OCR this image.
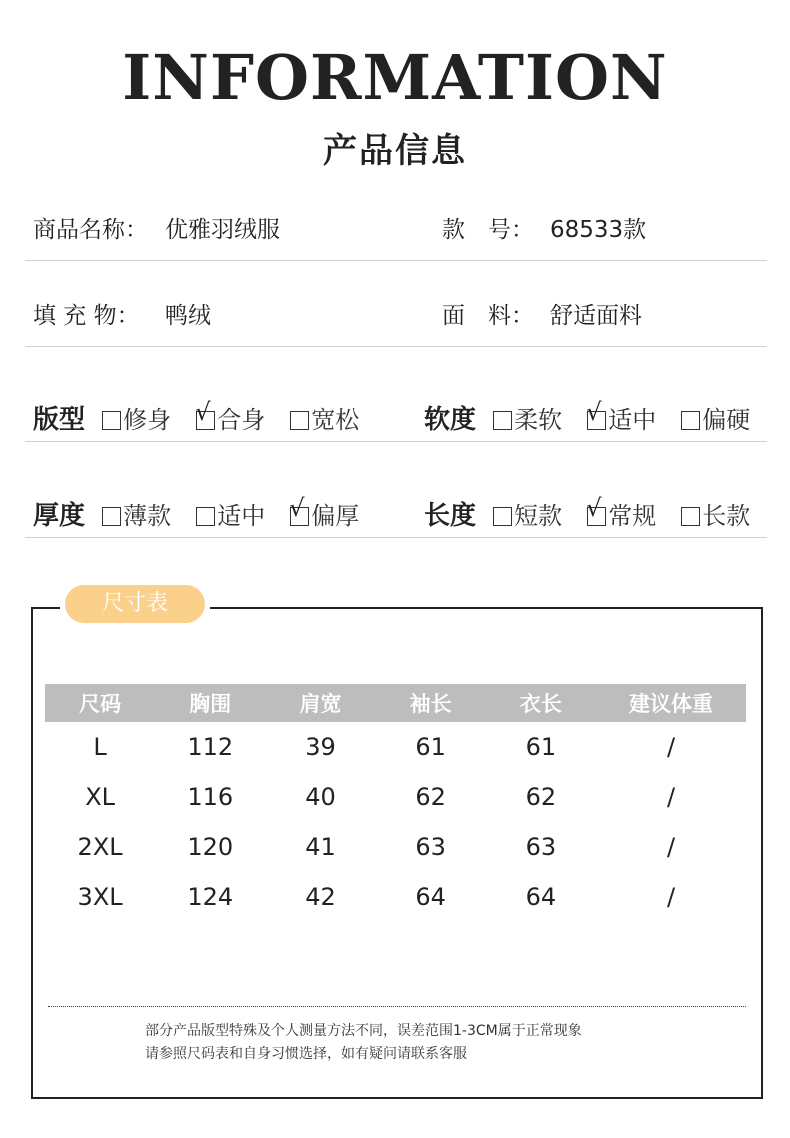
INFORMATION
产品信息
商品名称： 优雅羽绒服	款　号： 68533款
填 充 物： 鸭绒	面　料： 舒适面料
版型 修身 √ 合身 宽松	软度 柔软 √ 适中 偏硬
厚度 薄款 适中 √ 偏厚	长度 短款 √ 常规 长款
尺寸表
尺码	胸围	肩宽	袖长	衣长	建议体重
L	112	39	61	61	/
XL	116	40	62	62	/
2XL	120	41	63	63	/
3XL	124	42	64	64	/
部分产品版型特殊及个人测量方法不同，误差范围1-3CM属于正常现象
请参照尺码表和自身习惯选择，如有疑问请联系客服
